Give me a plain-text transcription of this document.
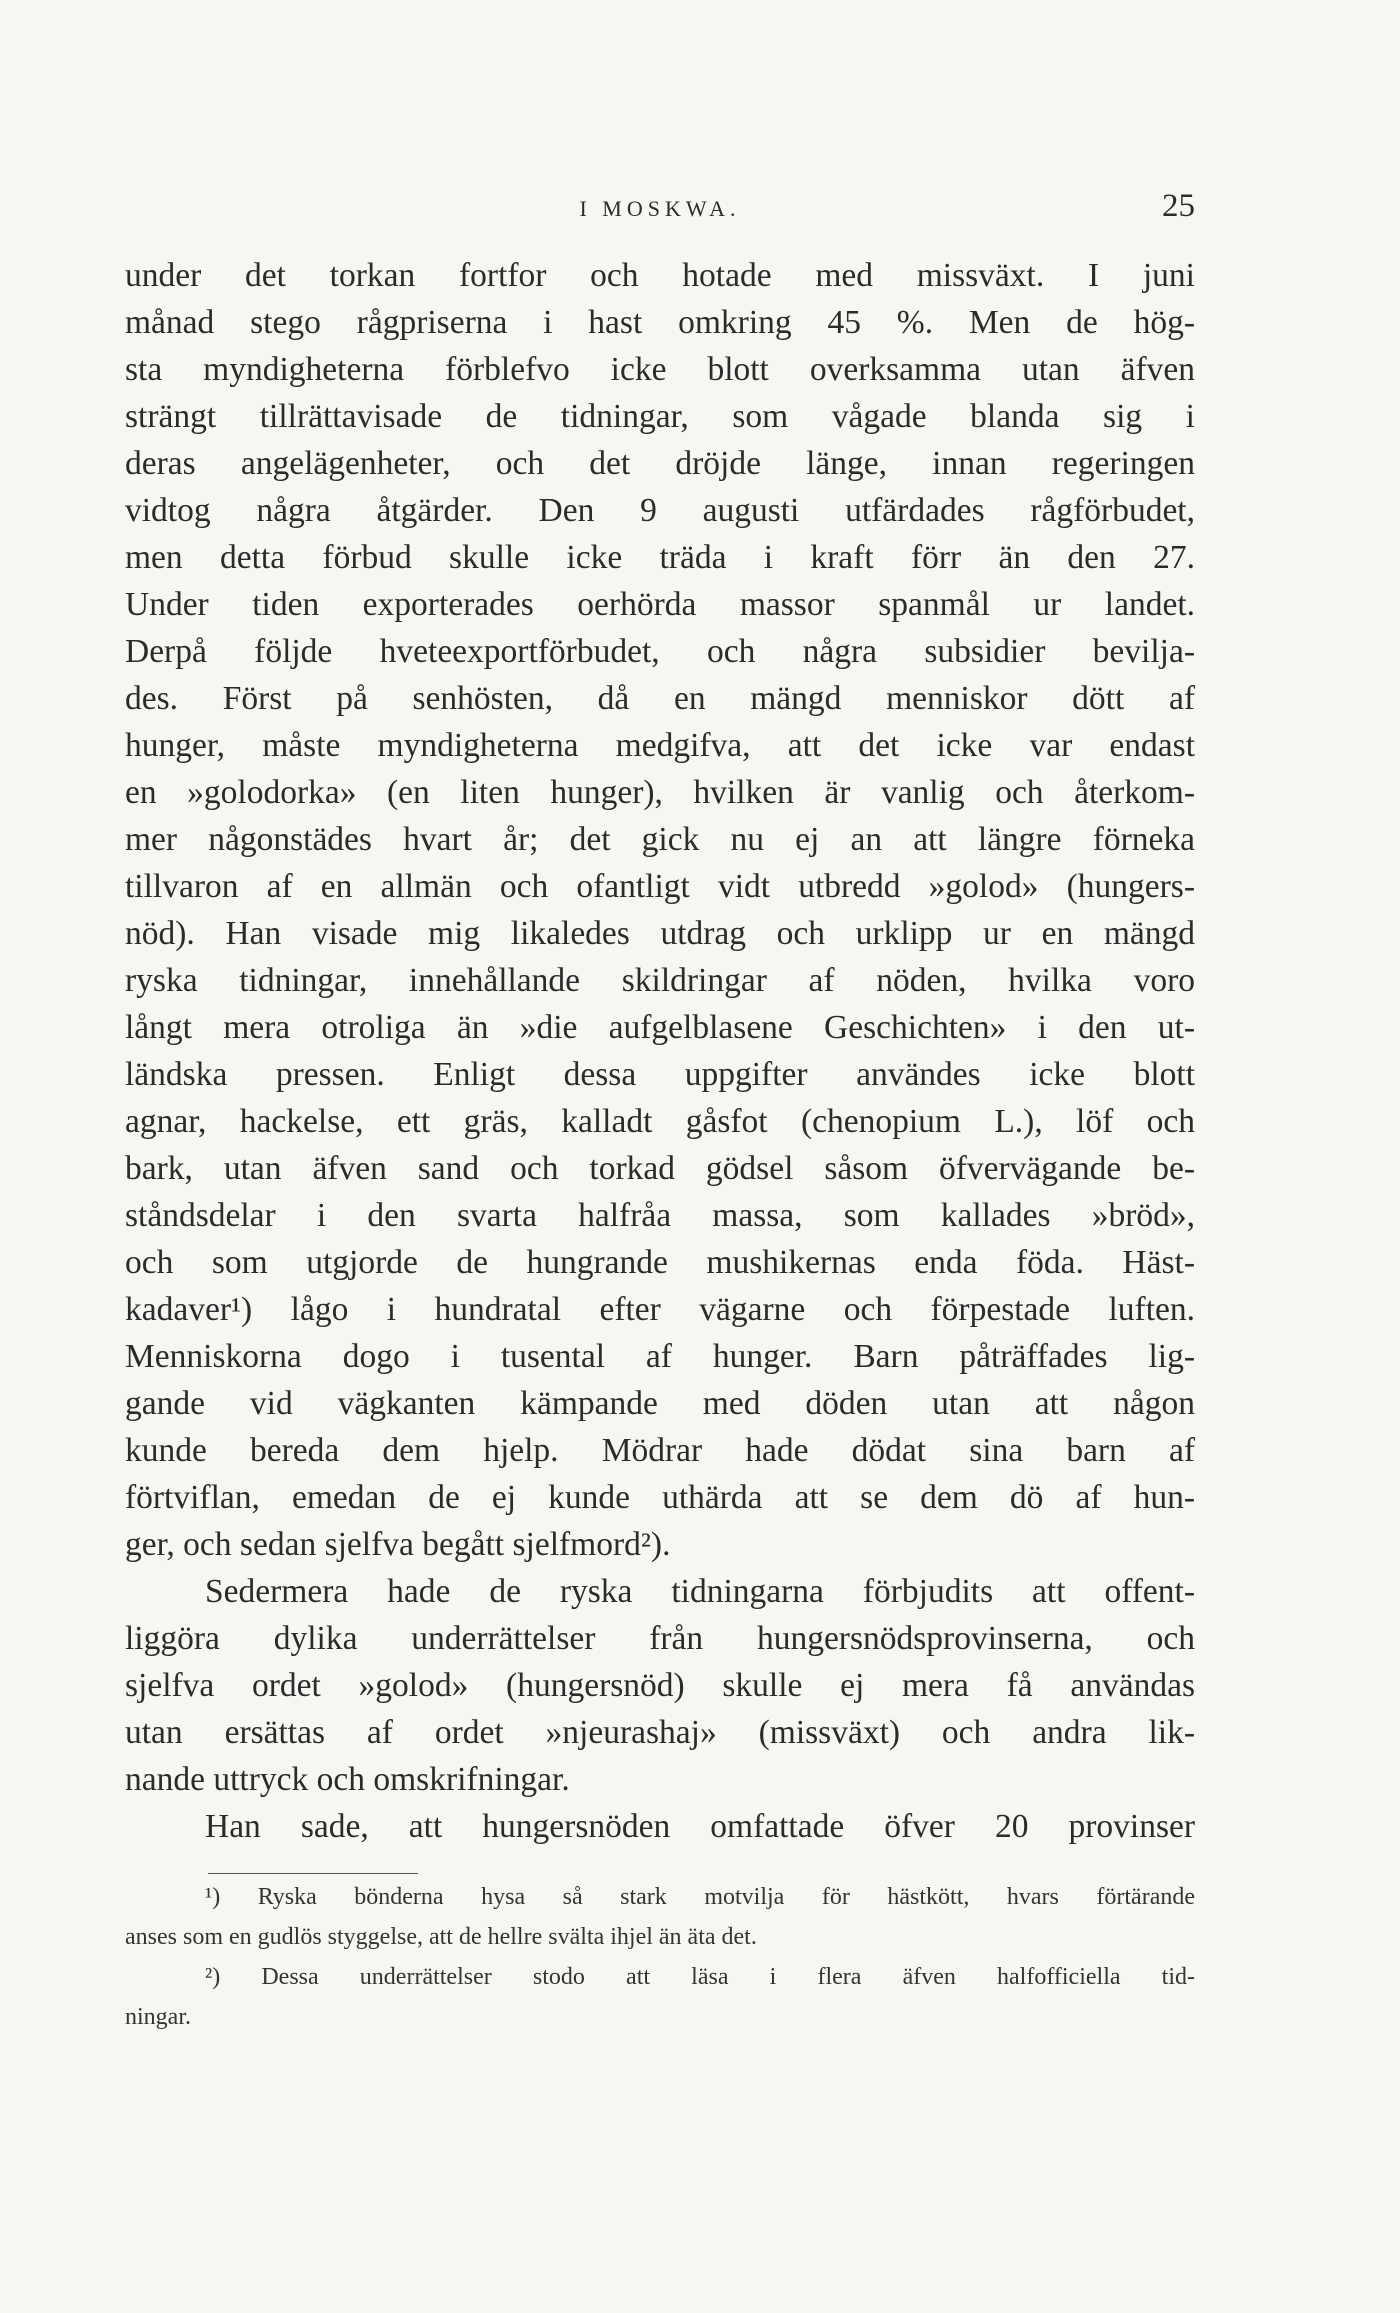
I MOSKWA.	25
under det torkan fortfor och hotade med missväxt. I juni
månad stego rågpriserna i hast omkring 45 %. Men de hög-
sta myndigheterna förblefvo icke blott overksamma utan äfven
strängt tillrättavisade de tidningar, som vågade blanda sig i
deras angelägenheter, och det dröjde länge, innan regeringen
vidtog några åtgärder. Den 9 augusti utfärdades rågförbudet,
men detta förbud skulle icke träda i kraft förr än den 27.
Under tiden exporterades oerhörda massor spanmål ur landet.
Derpå följde hveteexportförbudet, och några subsidier bevilja-
des. Först på senhösten, då en mängd menniskor dött af
hunger, måste myndigheterna medgifva, att det icke var endast
en »golodorka» (en liten hunger), hvilken är vanlig och återkom-
mer någonstädes hvart år; det gick nu ej an att längre förneka
tillvaron af en allmän och ofantligt vidt utbredd »golod» (hungers-
nöd). Han visade mig likaledes utdrag och urklipp ur en mängd
ryska tidningar, innehållande skildringar af nöden, hvilka voro
långt mera otroliga än »die aufgelblasene Geschichten» i den ut-
ländska pressen. Enligt dessa uppgifter användes icke blott
agnar, hackelse, ett gräs, kalladt gåsfot (chenopium L.), löf och
bark, utan äfven sand och torkad gödsel såsom öfvervägande be-
ståndsdelar i den svarta halfråa massa, som kallades »bröd»,
och som utgjorde de hungrande mushikernas enda föda. Häst-
kadaver¹) lågo i hundratal efter vägarne och förpestade luften.
Menniskorna dogo i tusental af hunger. Barn påträffades lig-
gande vid vägkanten kämpande med döden utan att någon
kunde bereda dem hjelp. Mödrar hade dödat sina barn af
förtviflan, emedan de ej kunde uthärda att se dem dö af hun-
ger, och sedan sjelfva begått sjelfmord²).
Sedermera hade de ryska tidningarna förbjudits att offent-
liggöra dylika underrättelser från hungersnödsprovinserna, och
sjelfva ordet »golod» (hungersnöd) skulle ej mera få användas
utan ersättas af ordet »njeurashaj» (missväxt) och andra lik-
nande uttryck och omskrifningar.
Han sade, att hungersnöden omfattade öfver 20 provinser
¹) Ryska bönderna hysa så stark motvilja för hästkött, hvars förtärande
anses som en gudlös styggelse, att de hellre svälta ihjel än äta det.
²) Dessa underrättelser stodo att läsa i flera äfven halfofficiella tid-
ningar.
